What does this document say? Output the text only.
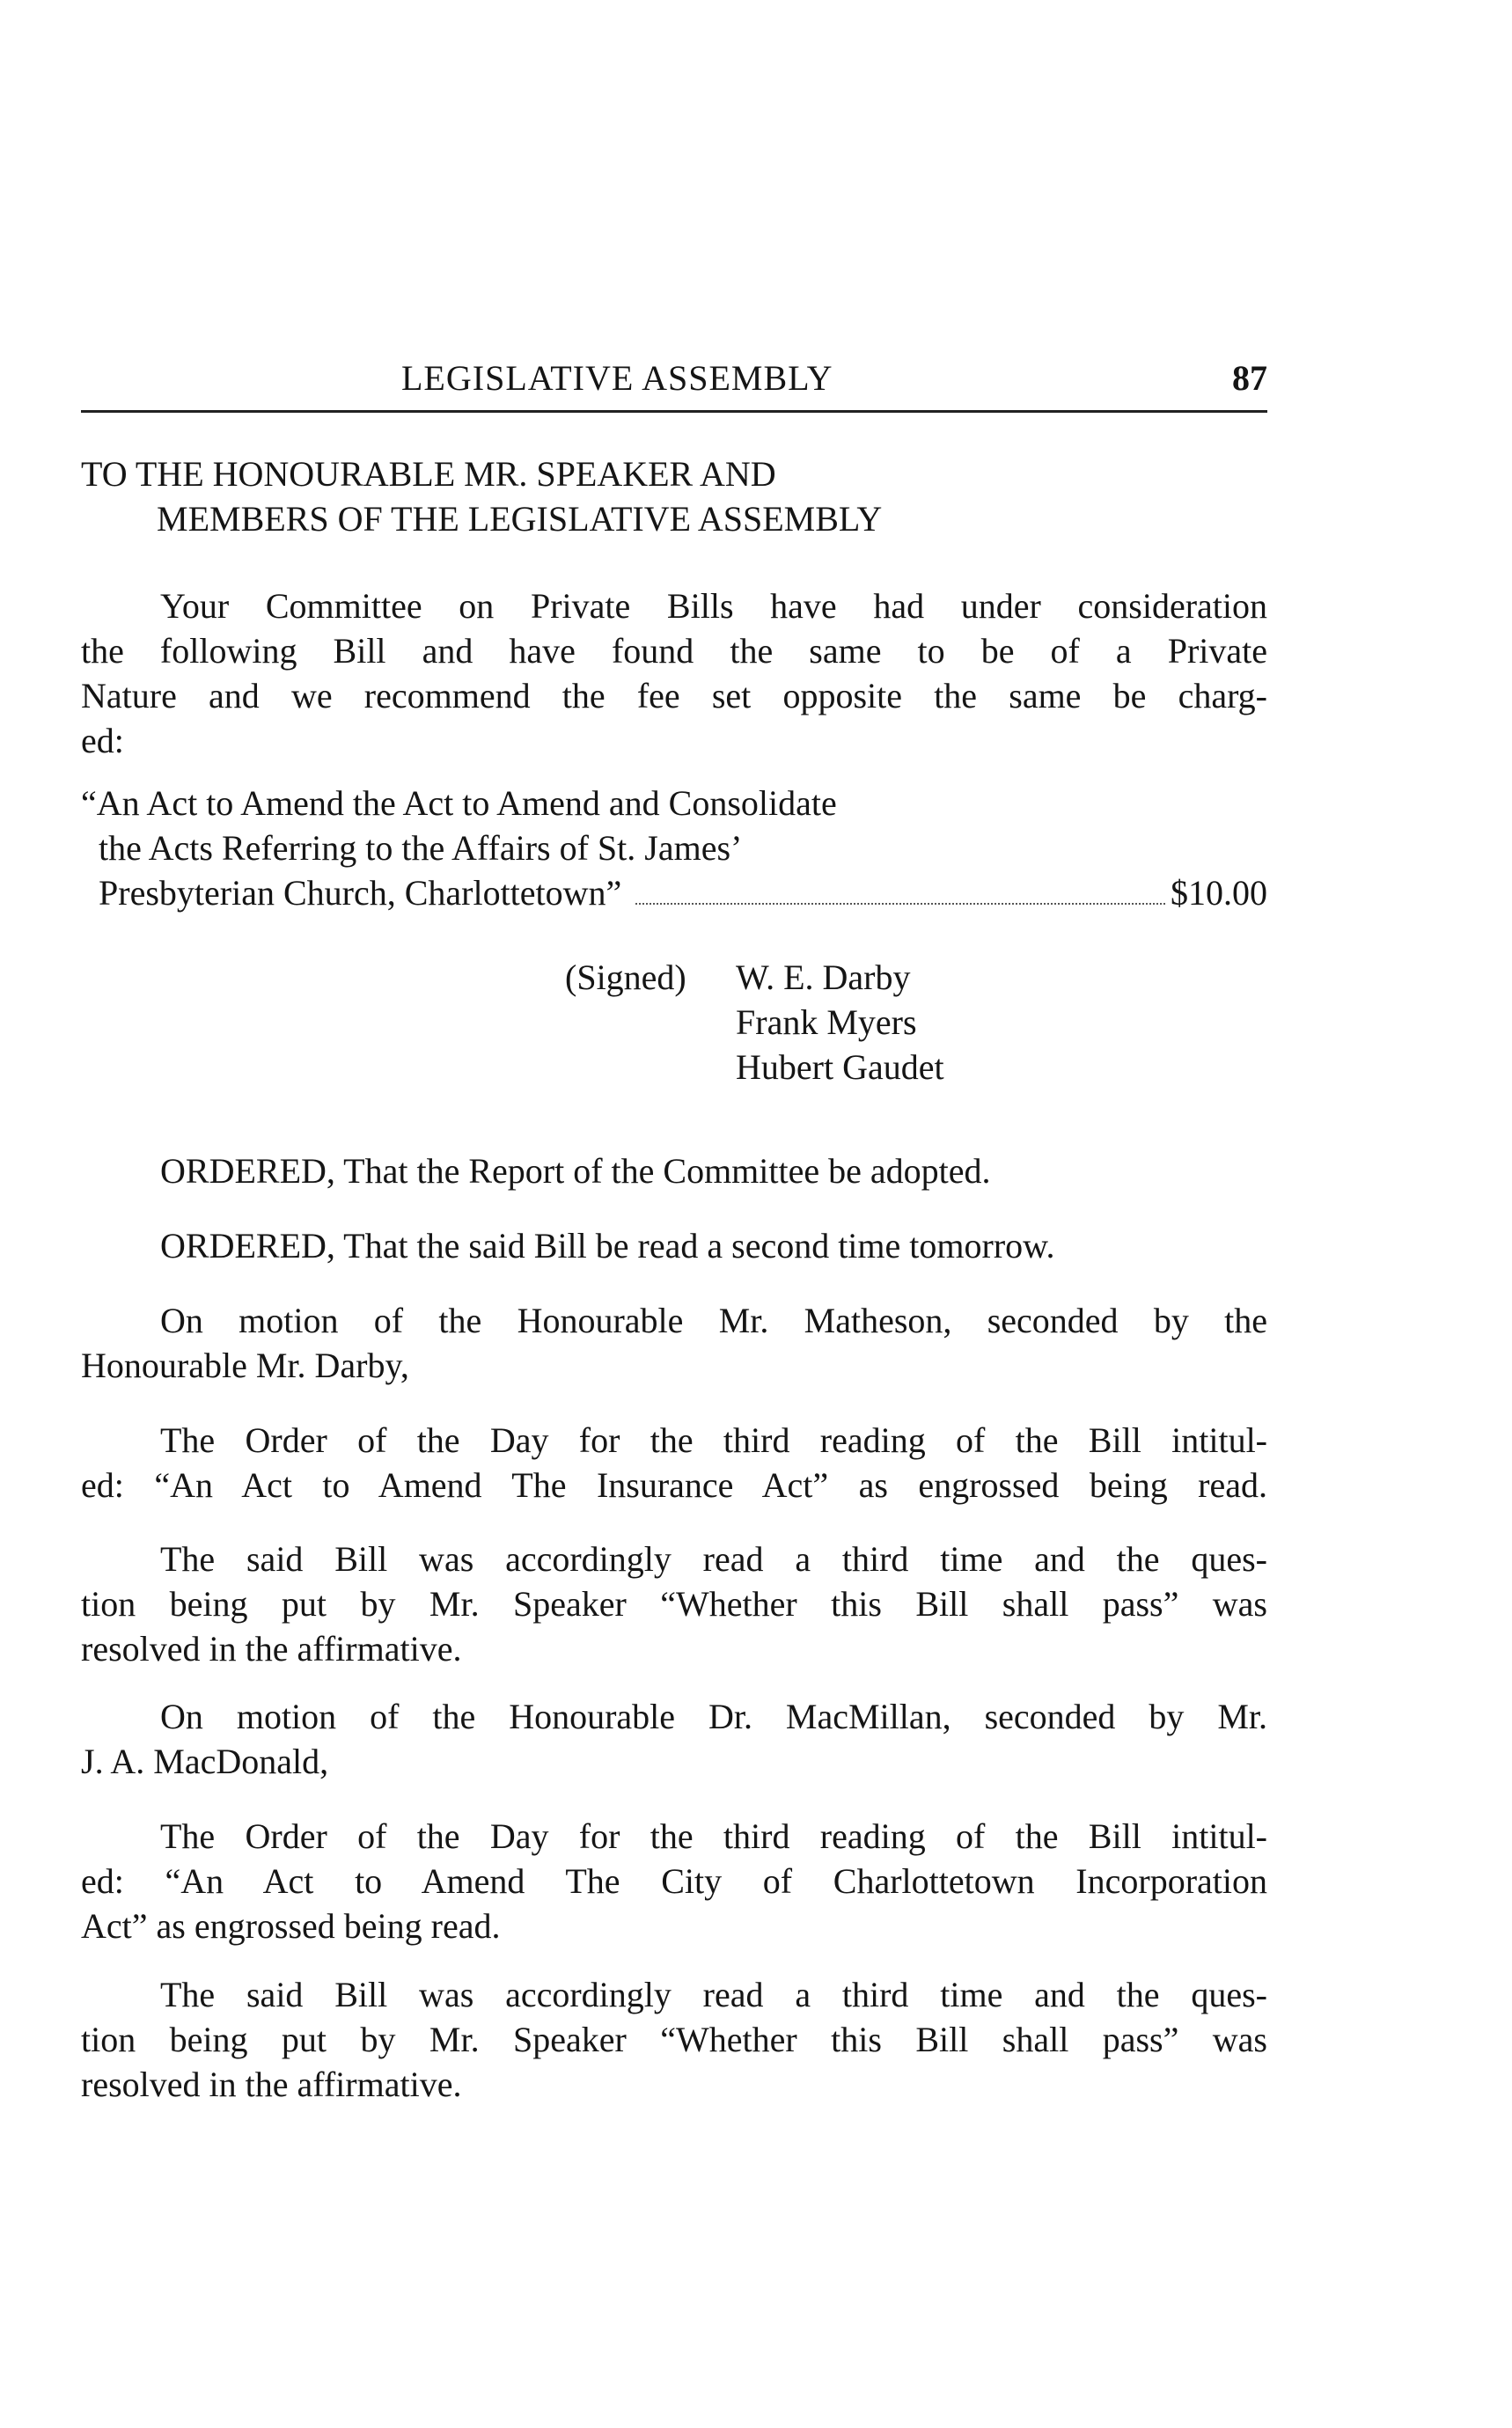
LEGISLATIVE ASSEMBLY	87
TO THE HONOURABLE MR. SPEAKER AND
MEMBERS OF THE LEGISLATIVE ASSEMBLY
Your Committee on Private Bills have had under consideration
the following Bill and have found the same to be of a Private
Nature and we recommend the fee set opposite the same be charg-
ed:
“An Act to Amend the Act to Amend and Consolidate
the Acts Referring to the Affairs of St. James’
Presbyterian Church, Charlottetown”	$10.00
(Signed)	W. E. Darby
Frank Myers
Hubert Gaudet
ORDERED, That the Report of the Committee be adopted.
ORDERED, That the said Bill be read a second time tomorrow.
On motion of the Honourable Mr. Matheson, seconded by the
Honourable Mr. Darby,
The Order of the Day for the third reading of the Bill intitul-
ed: “An Act to Amend The Insurance Act” as engrossed being read.
The said Bill was accordingly read a third time and the ques-
tion being put by Mr. Speaker “Whether this Bill shall pass” was
resolved in the affirmative.
On motion of the Honourable Dr. MacMillan, seconded by Mr.
J. A. MacDonald,
The Order of the Day for the third reading of the Bill intitul-
ed: “An Act to Amend The City of Charlottetown Incorporation
Act” as engrossed being read.
The said Bill was accordingly read a third time and the ques-
tion being put by Mr. Speaker “Whether this Bill shall pass” was
resolved in the affirmative.
